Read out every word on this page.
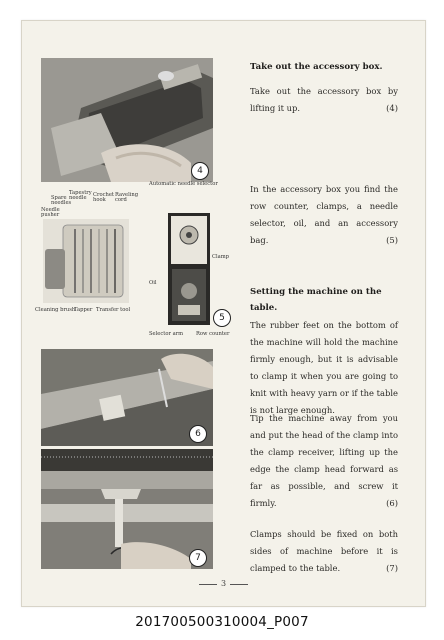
4
Automatic needle selector
Spare needles
Tapestry needle
Crochet hook
Raveling cord
Needle pusher
Clamp
Oil
5
Cleaning brush
Tapper Transfer tool
Selector arm Row counter
6
7

Take out the accessory box.

Take out the accessory box by lifting it up.	(4)

In the accessory box you find the row counter, clamps, a needle selector, oil, and an accessory bag.	(5)

Setting the machine on the table.

The rubber feet on the bottom of the machine will hold the machine firmly enough, but it is advisable to clamp it when you are going to knit with heavy yarn or if the table is not large enough.

Tip the machine away from you and put the head of the clamp into the clamp receiver, lifting up the edge the clamp head forward as far as possible, and screw it firmly.	(6)

Clamps should be fixed on both sides of machine before it is clamped to the table.	(7)

3
201700500310004_P007
